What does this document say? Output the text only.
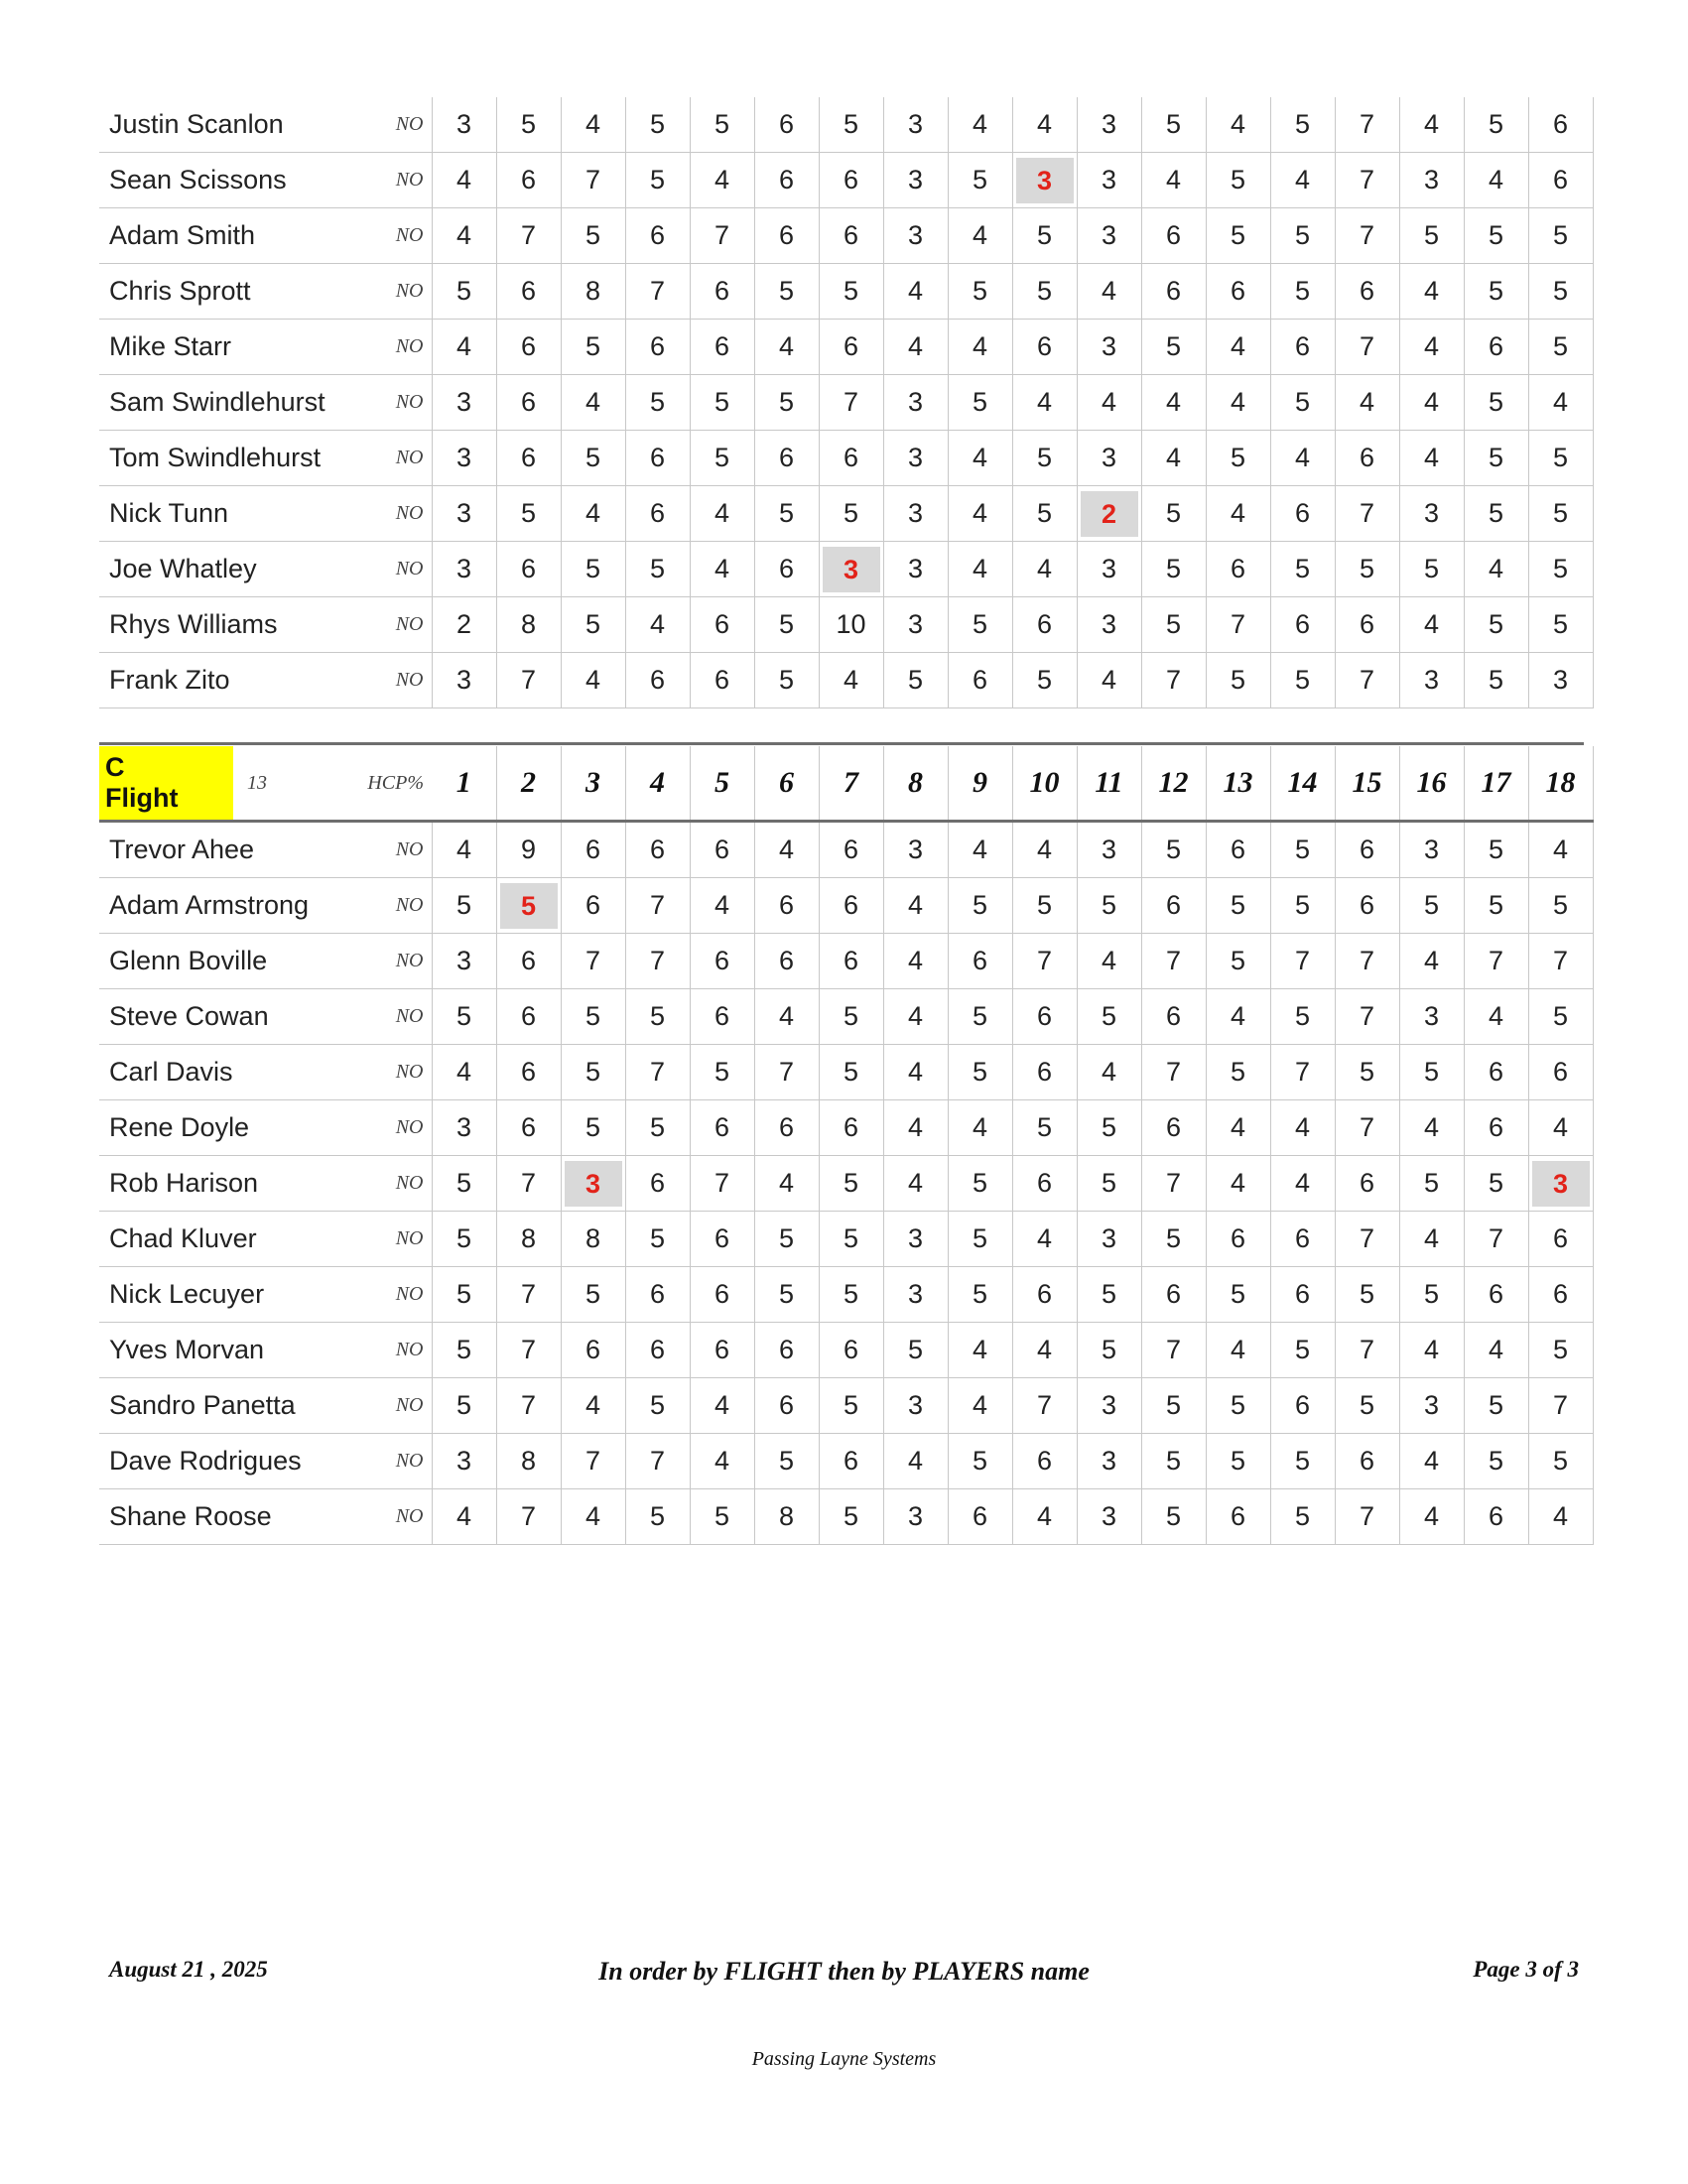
Justin Scanlon	NO	3	5	4	5	5	6	5	3	4	4	3	5	4	5	7	4	5	6
Sean Scissons	NO	4	6	7	5	4	6	6	3	5	3	3	4	5	4	7	3	4	6
Adam Smith	NO	4	7	5	6	7	6	6	3	4	5	3	6	5	5	7	5	5	5
Chris Sprott	NO	5	6	8	7	6	5	5	4	5	5	4	6	6	5	6	4	5	5
Mike Starr	NO	4	6	5	6	6	4	6	4	4	6	3	5	4	6	7	4	6	5
Sam Swindlehurst	NO	3	6	4	5	5	5	7	3	5	4	4	4	4	5	4	4	5	4
Tom Swindlehurst	NO	3	6	5	6	5	6	6	3	4	5	3	4	5	4	6	4	5	5
Nick Tunn	NO	3	5	4	6	4	5	5	3	4	5	2	5	4	6	7	3	5	5
Joe Whatley	NO	3	6	5	5	4	6	3	3	4	4	3	5	6	5	5	5	4	5
Rhys Williams	NO	2	8	5	4	6	5	10	3	5	6	3	5	7	6	6	4	5	5
Frank Zito	NO	3	7	4	6	6	5	4	5	6	5	4	7	5	5	7	3	5	3
C Flight	13	HCP%	1	2	3	4	5	6	7	8	9	10	11	12	13	14	15	16	17	18
Trevor Ahee		NO	4	9	6	6	6	4	6	3	4	4	3	5	6	5	6	3	5	4
Adam Armstrong		NO	5	5	6	7	4	6	6	4	5	5	5	6	5	5	6	5	5	5
Glenn Boville		NO	3	6	7	7	6	6	6	4	6	7	4	7	5	7	7	4	7	7
Steve Cowan		NO	5	6	5	5	6	4	5	4	5	6	5	6	4	5	7	3	4	5
Carl Davis		NO	4	6	5	7	5	7	5	4	5	6	4	7	5	7	5	5	6	6
Rene Doyle		NO	3	6	5	5	6	6	6	4	4	5	5	6	4	4	7	4	6	4
Rob Harison		NO	5	7	3	6	7	4	5	4	5	6	5	7	4	4	6	5	5	3
Chad Kluver		NO	5	8	8	5	6	5	5	3	5	4	3	5	6	6	7	4	7	6
Nick Lecuyer		NO	5	7	5	6	6	5	5	3	5	6	5	6	5	6	5	5	6	6
Yves Morvan		NO	5	7	6	6	6	6	6	5	4	4	5	7	4	5	7	4	4	5
Sandro Panetta		NO	5	7	4	5	4	6	5	3	4	7	3	5	5	6	5	3	5	7
Dave Rodrigues		NO	3	8	7	7	4	5	6	4	5	6	3	5	5	5	6	4	5	5
Shane Roose		NO	4	7	4	5	5	8	5	3	6	4	3	5	6	5	7	4	6	4
August 21 , 2025	In order by FLIGHT then by PLAYERS name	Page 3 of 3
Passing Layne Systems
